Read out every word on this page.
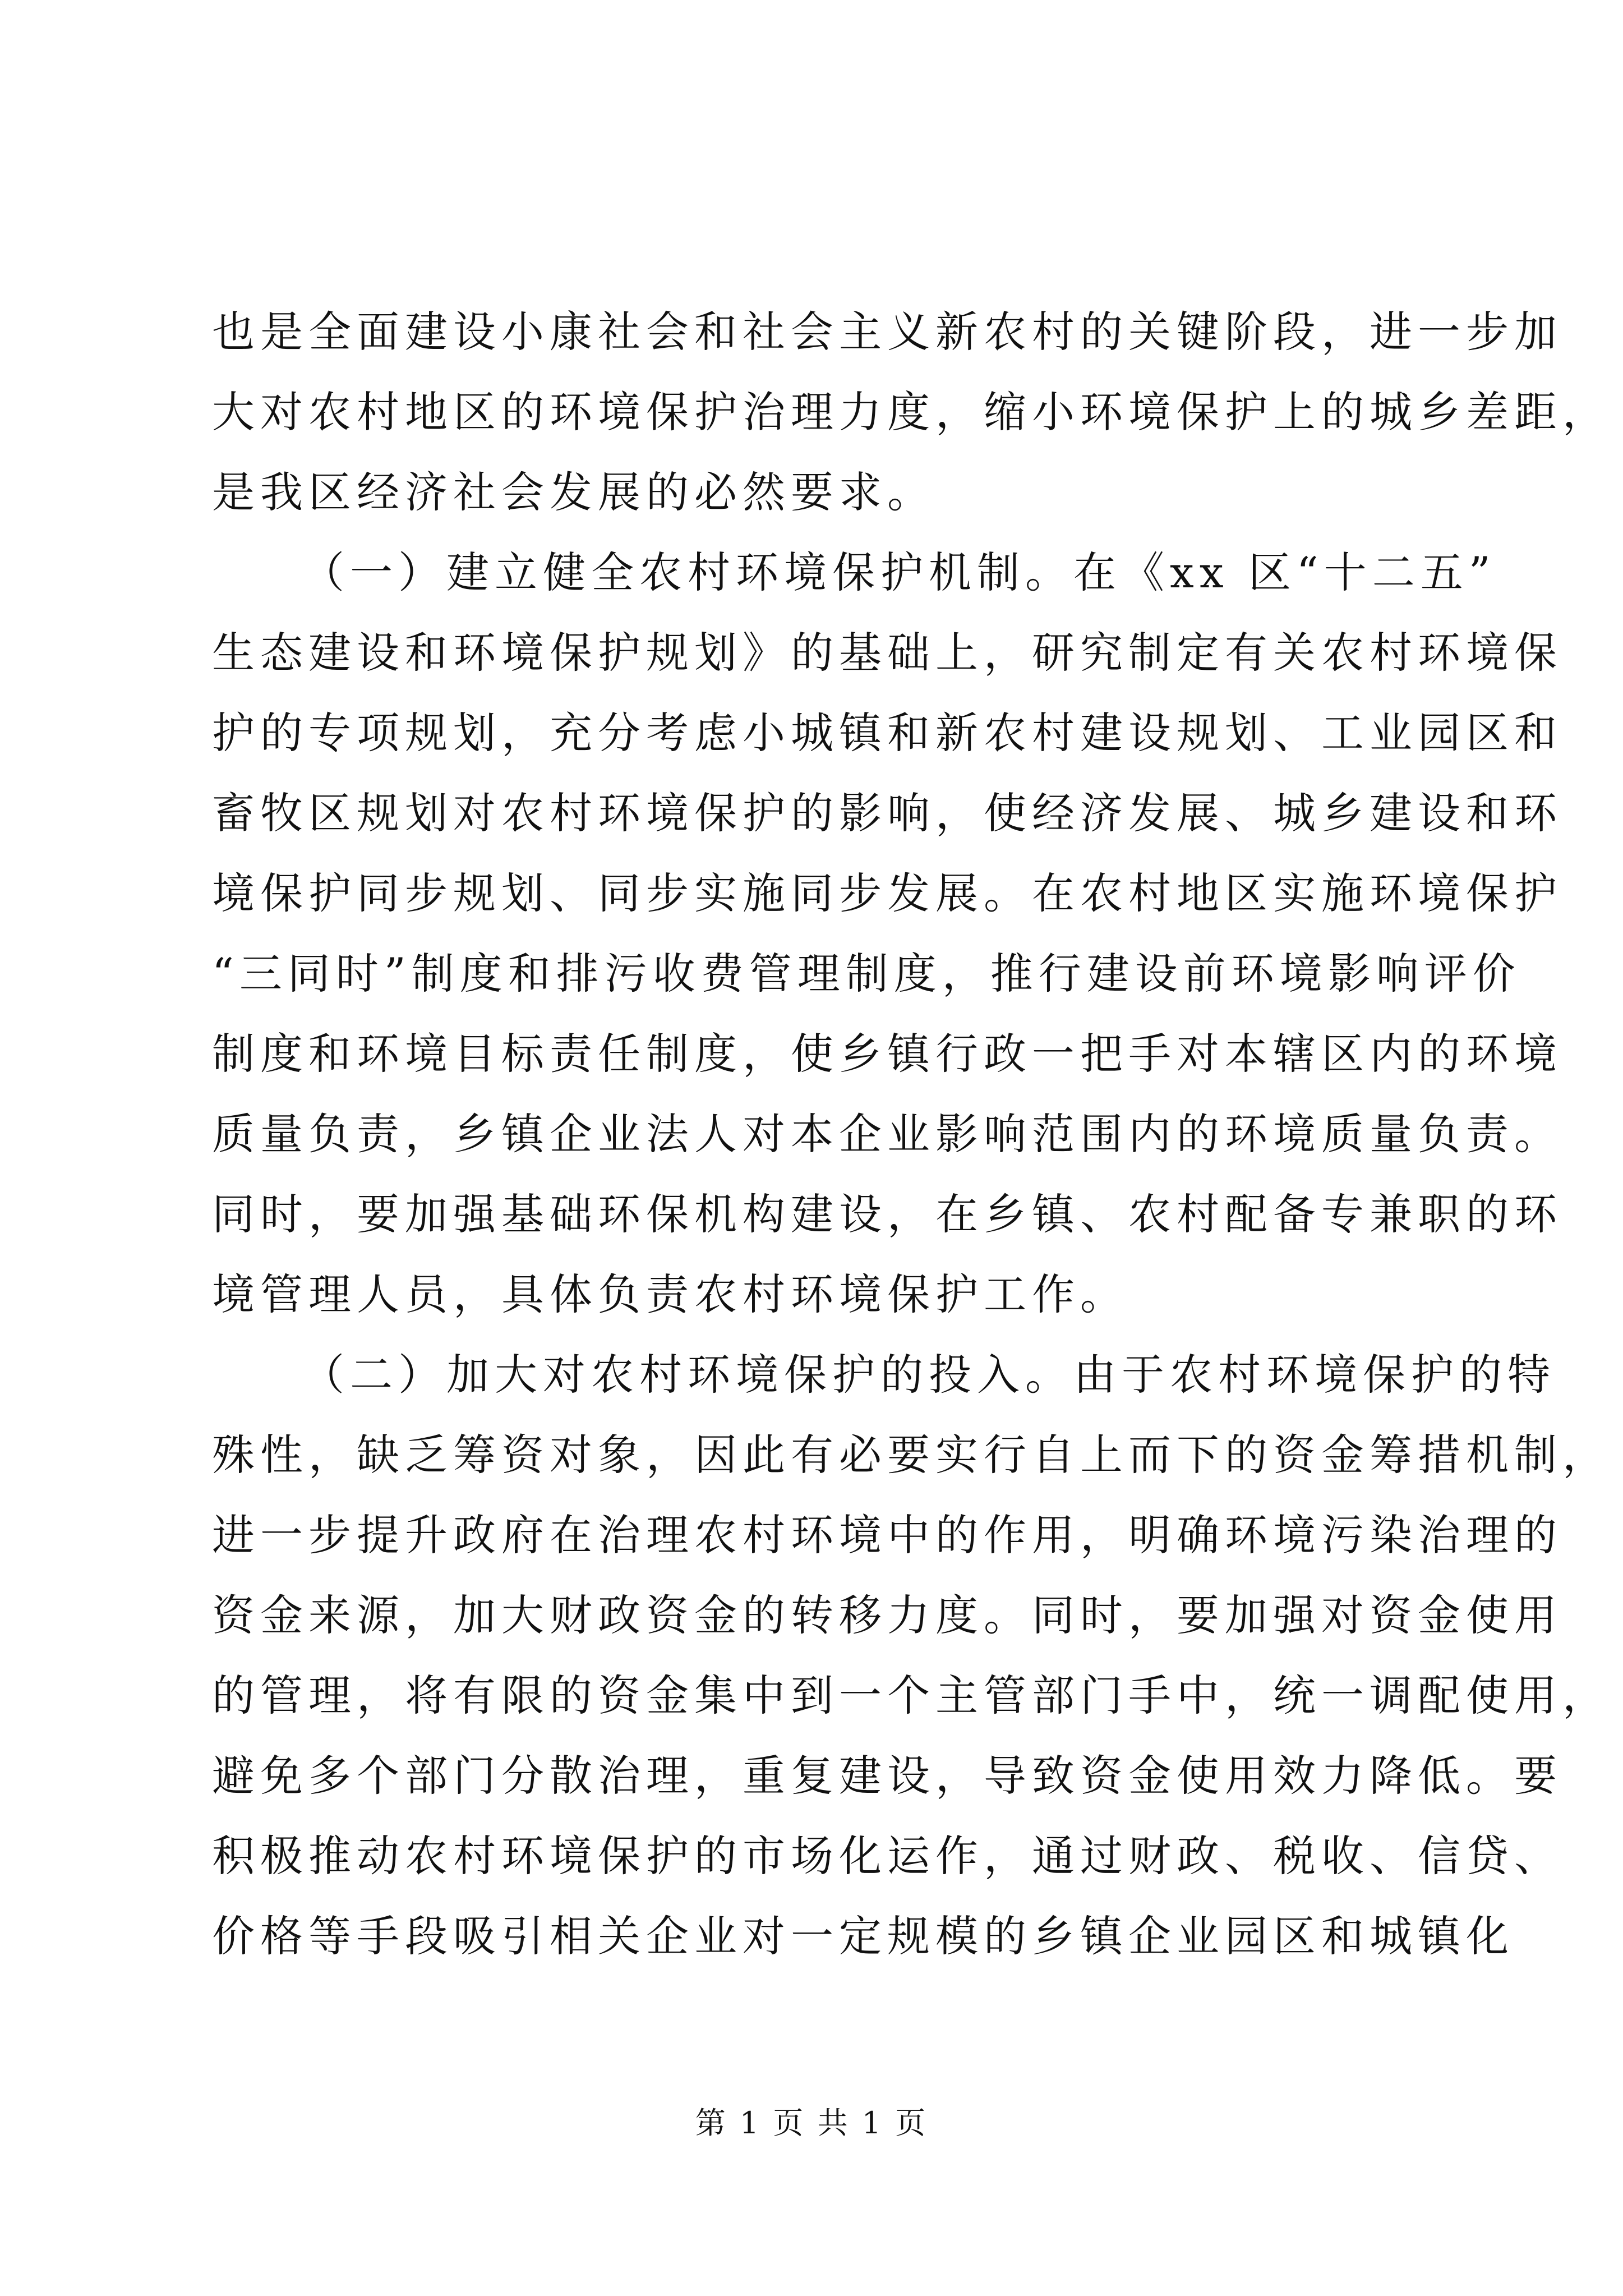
也是全面建设小康社会和社会主义新农村的关键阶段，进一步加
大对农村地区的环境保护治理力度，缩小环境保护上的城乡差距，
是我区经济社会发展的必然要求。
（一）建立健全农村环境保护机制。在《xx 区“十二五”
生态建设和环境保护规划》的基础上，研究制定有关农村环境保
护的专项规划，充分考虑小城镇和新农村建设规划、工业园区和
畜牧区规划对农村环境保护的影响，使经济发展、城乡建设和环
境保护同步规划、同步实施同步发展。在农村地区实施环境保护
“三同时”制度和排污收费管理制度，推行建设前环境影响评价
制度和环境目标责任制度，使乡镇行政一把手对本辖区内的环境
质量负责，乡镇企业法人对本企业影响范围内的环境质量负责。
同时，要加强基础环保机构建设，在乡镇、农村配备专兼职的环
境管理人员，具体负责农村环境保护工作。
（二）加大对农村环境保护的投入。由于农村环境保护的特
殊性，缺乏筹资对象，因此有必要实行自上而下的资金筹措机制，
进一步提升政府在治理农村环境中的作用，明确环境污染治理的
资金来源，加大财政资金的转移力度。同时，要加强对资金使用
的管理，将有限的资金集中到一个主管部门手中，统一调配使用，
避免多个部门分散治理，重复建设，导致资金使用效力降低。要
积极推动农村环境保护的市场化运作，通过财政、税收、信贷、
价格等手段吸引相关企业对一定规模的乡镇企业园区和城镇化
第 1 页 共 1 页
